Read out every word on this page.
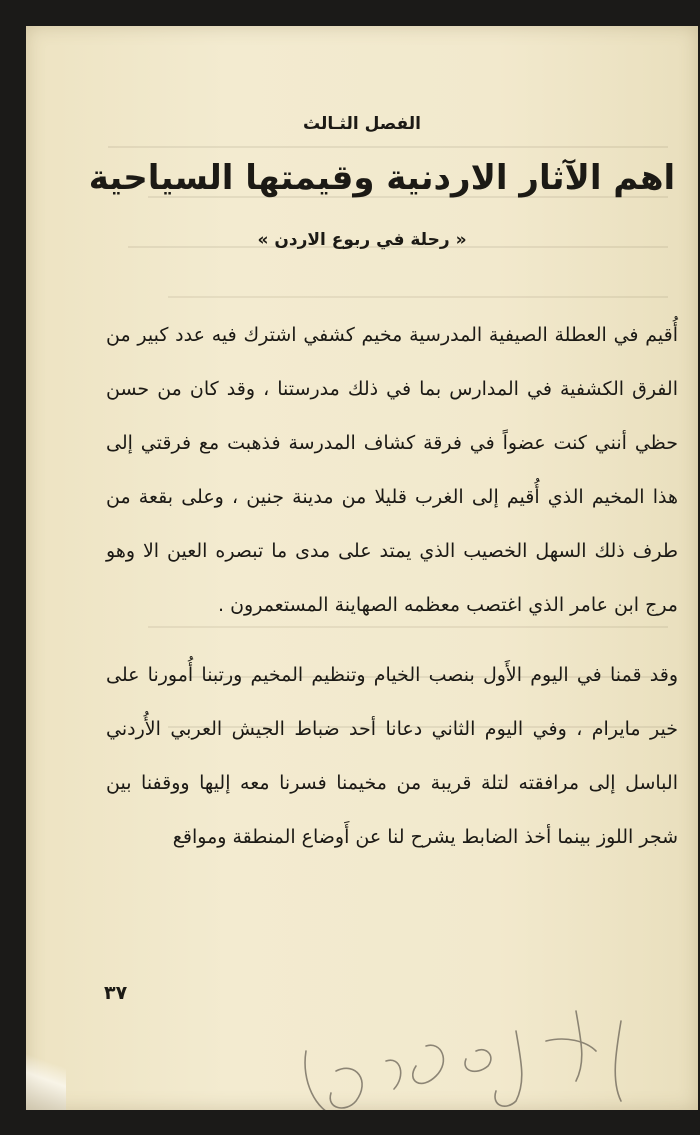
الفصل الثـالث
اهم الآثار الاردنية وقيمتها السياحية
« رحلة في ربوع الاردن »

أُقيم في العطلة الصيفية المدرسية مخيم كشفي اشترك فيه عدد كبير من الفرق الكشفية في المدارس بما في ذلك مدرستنا ، وقد كان من حسن حظي أنني كنت عضواً في فرقة كشاف المدرسة فذهبت مع فرقتي إلى هذا المخيم الذي أُقيم إلى الغرب قليلا من مدينة جنين ، وعلى بقعة من طرف ذلك السهل الخصيب الذي يمتد على مدى ما تبصره العين الا وهو مرج ابن عامر الذي اغتصب معظمه الصهاينة المستعمرون .

وقد قمنا في اليوم الأَول بنصب الخيام وتنظيم المخيم ورتبنا أُمورنا على خير مايرام ، وفي اليوم الثاني دعانا أحد ضباط الجيش العربي الأُردني الباسل إلى مرافقته لتلة قريبة من مخيمنا فسرنا معه إليها ووقفنا بين شجر اللوز بينما أخذ الضابط يشرح لنا عن أَوضاع المنطقة ومواقع

٣٧
